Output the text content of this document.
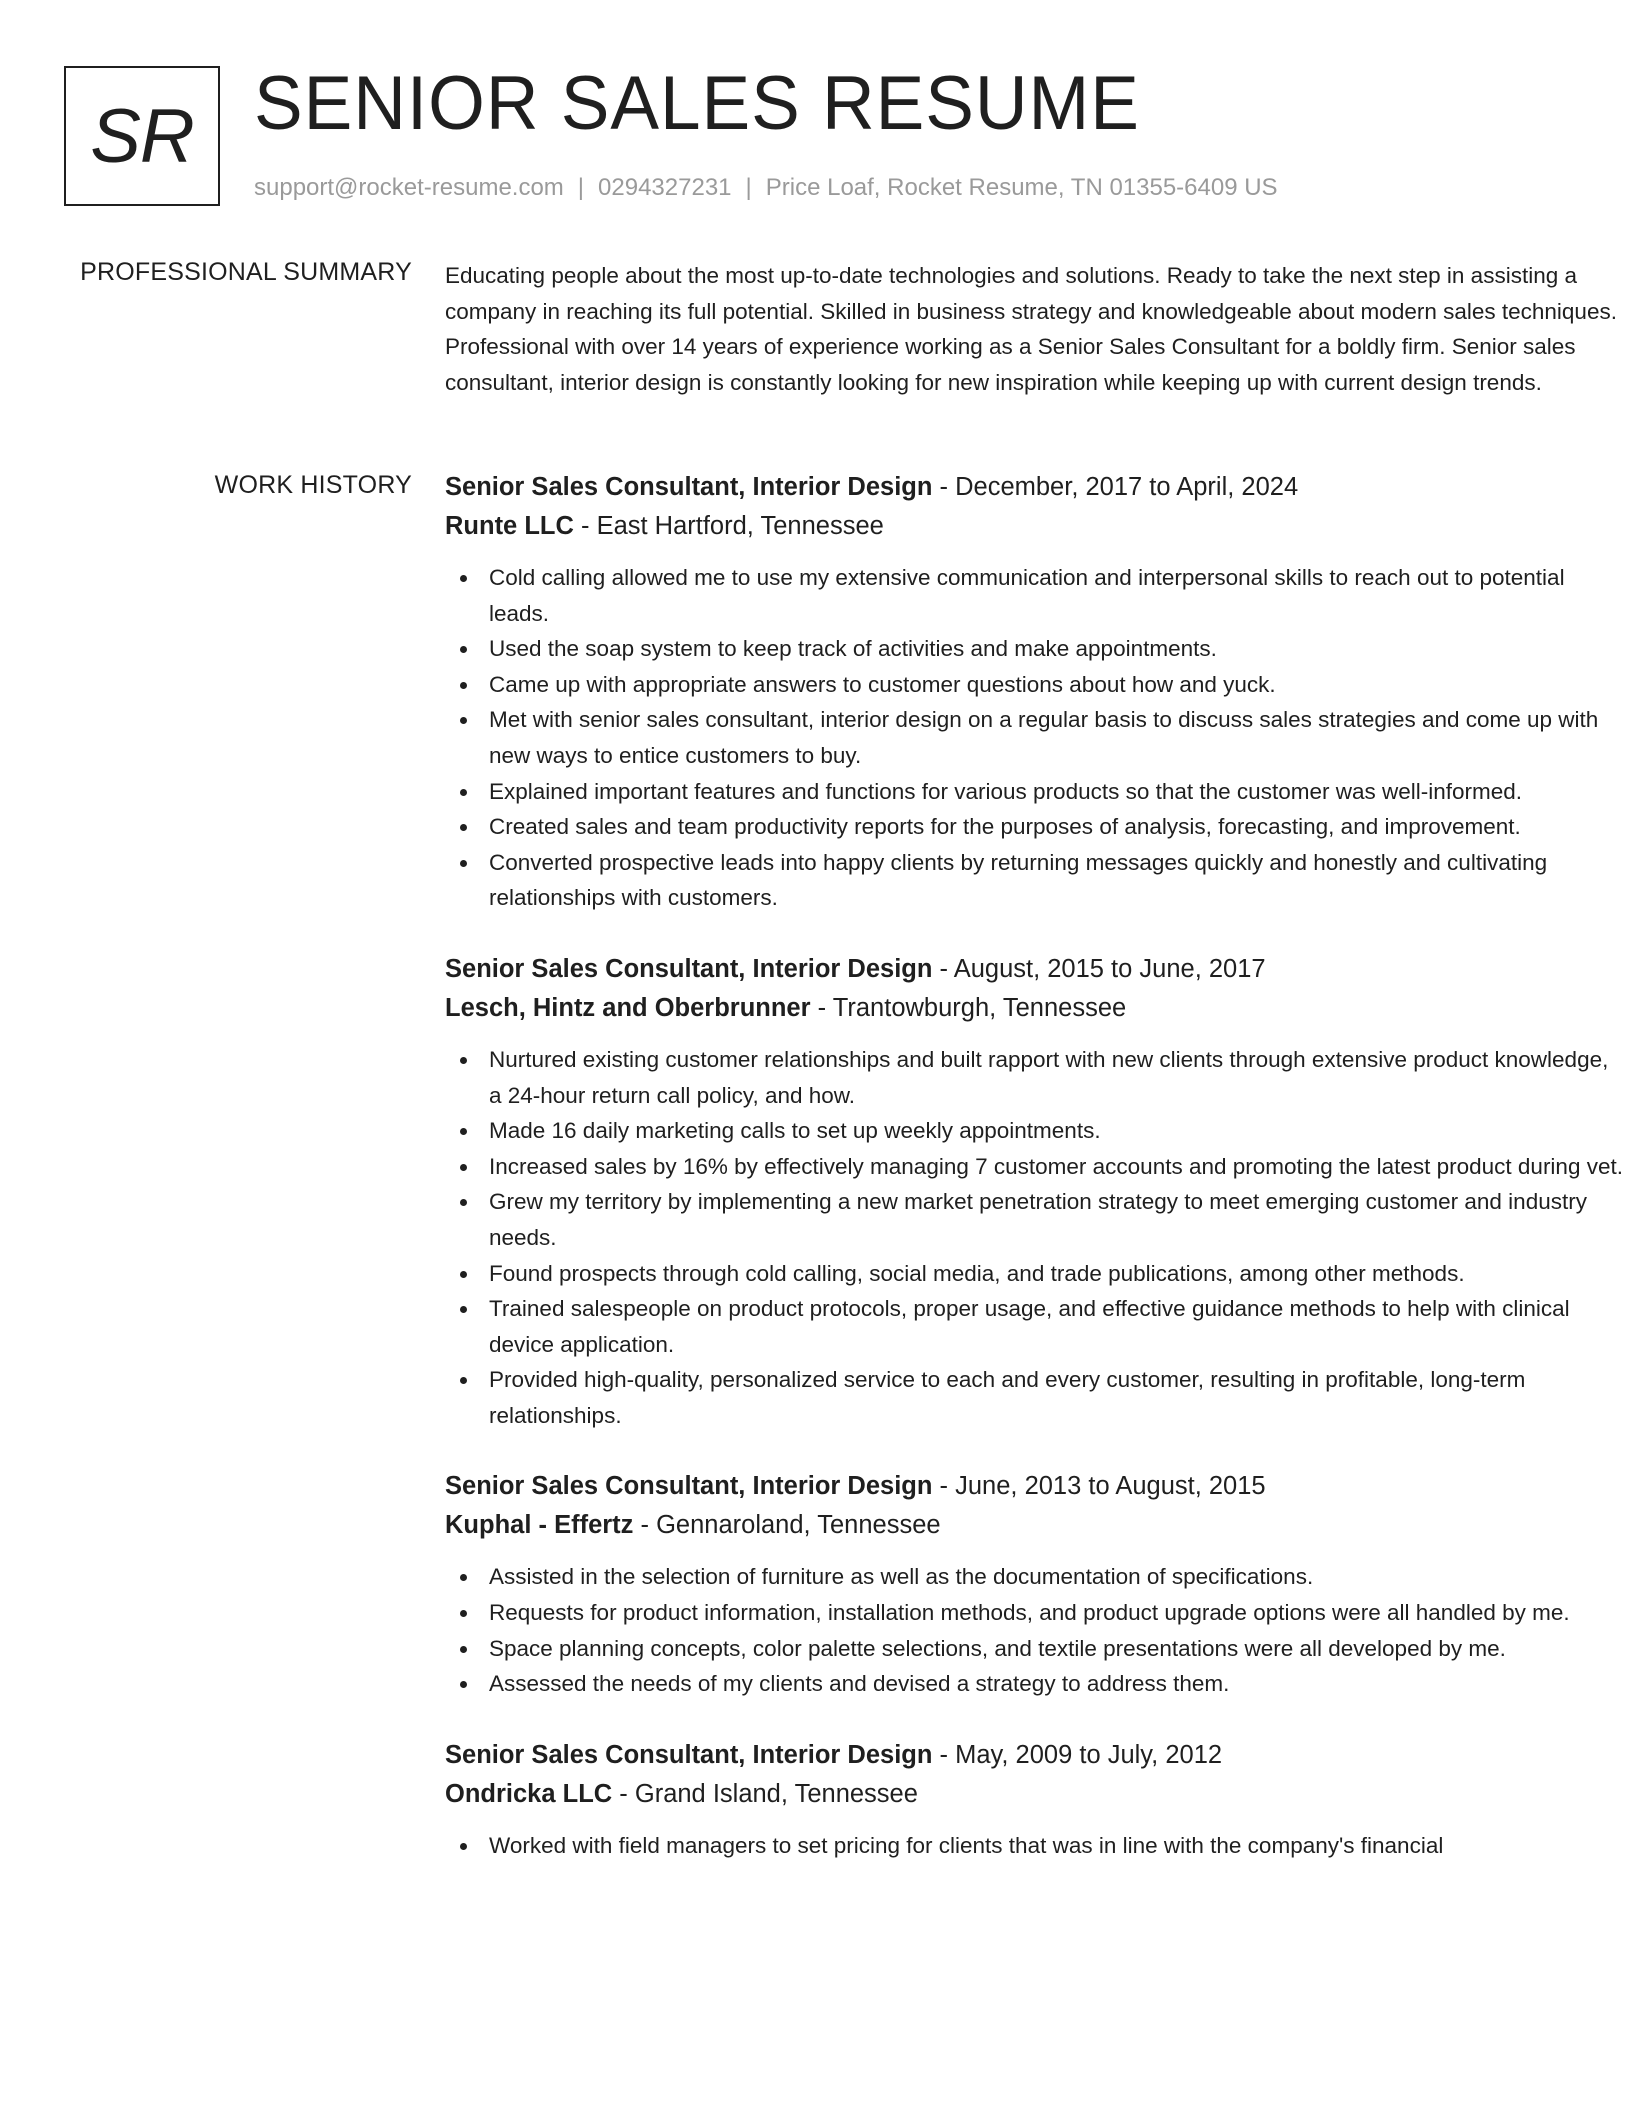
SR SENIOR SALES RESUME
support@rocket-resume.com | 0294327231 | Price Loaf, Rocket Resume, TN 01355-6409 US
PROFESSIONAL SUMMARY Educating people about the most up-to-date technologies and solutions. Ready to take the next step in assisting a company in reaching its full potential. Skilled in business strategy and knowledgeable about modern sales techniques. Professional with over 14 years of experience working as a Senior Sales Consultant for a boldly firm. Senior sales consultant, interior design is constantly looking for new inspiration while keeping up with current design trends.

WORK HISTORY Senior Sales Consultant, Interior Design - December, 2017 to April, 2024
Runte LLC - East Hartford, Tennessee
Cold calling allowed me to use my extensive communication and interpersonal skills to reach out to potential leads.
Used the soap system to keep track of activities and make appointments.
Came up with appropriate answers to customer questions about how and yuck.
Met with senior sales consultant, interior design on a regular basis to discuss sales strategies and come up with new ways to entice customers to buy.
Explained important features and functions for various products so that the customer was well-informed.
Created sales and team productivity reports for the purposes of analysis, forecasting, and improvement.
Converted prospective leads into happy clients by returning messages quickly and honestly and cultivating relationships with customers.
Senior Sales Consultant, Interior Design - August, 2015 to June, 2017
Lesch, Hintz and Oberbrunner - Trantowburgh, Tennessee
Nurtured existing customer relationships and built rapport with new clients through extensive product knowledge, a 24-hour return call policy, and how.
Made 16 daily marketing calls to set up weekly appointments.
Increased sales by 16% by effectively managing 7 customer accounts and promoting the latest product during vet.
Grew my territory by implementing a new market penetration strategy to meet emerging customer and industry needs.
Found prospects through cold calling, social media, and trade publications, among other methods.
Trained salespeople on product protocols, proper usage, and effective guidance methods to help with clinical device application.
Provided high-quality, personalized service to each and every customer, resulting in profitable, long-term relationships.
Senior Sales Consultant, Interior Design - June, 2013 to August, 2015
Kuphal - Effertz - Gennaroland, Tennessee
Assisted in the selection of furniture as well as the documentation of specifications.
Requests for product information, installation methods, and product upgrade options were all handled by me.
Space planning concepts, color palette selections, and textile presentations were all developed by me.
Assessed the needs of my clients and devised a strategy to address them.
Senior Sales Consultant, Interior Design - May, 2009 to July, 2012
Ondricka LLC - Grand Island, Tennessee
Worked with field managers to set pricing for clients that was in line with the company's financial
